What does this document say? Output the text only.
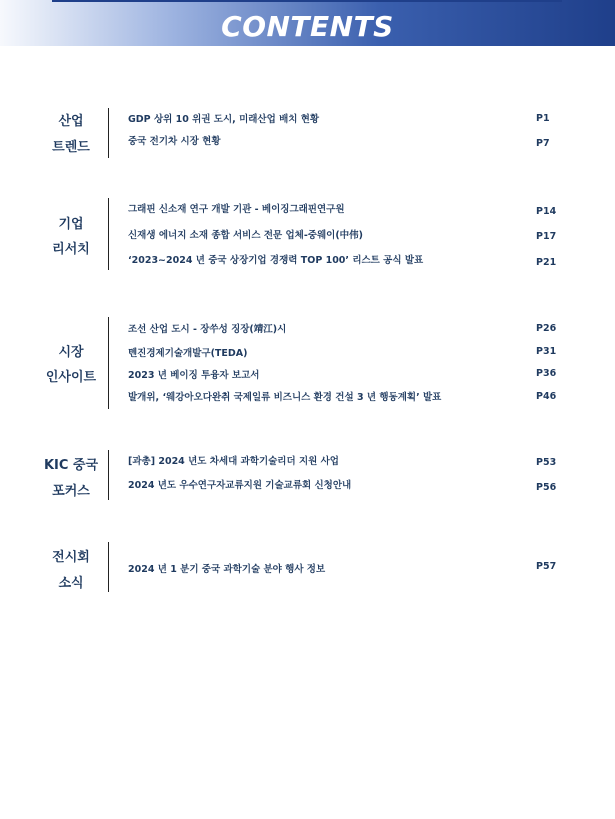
CONTENTS
산업
트렌드
GDP 상위 10 위권 도시, 미래산업 배치 현황	P1
중국 전기차 시장 현황	P7
기업
리서치
그래핀 신소재 연구 개발 기관 - 베이징그래핀연구원	P14
신재생 에너지 소재 종합 서비스 전문 업체-중웨이(中伟)	P17
‘2023~2024 년 중국 상장기업 경쟁력 TOP 100’ 리스트 공식 발표	P21
시장
인사이트
조선 산업 도시 - 장쑤성 징장(靖江)시	P26
톈진경제기술개발구(TEDA)	P31
2023 년 베이징 투융자 보고서	P36
발개위, ‘웨강아오다완취 국제일류 비즈니스 환경 건설 3 년 행동계획’ 발표	P46
KIC 중국
포커스
[과총] 2024 년도 차세대 과학기술리더 지원 사업	P53
2024 년도 우수연구자교류지원 기술교류회 신청안내	P56
전시회
소식
2024 년 1 분기 중국 과학기술 분야 행사 정보	P57
